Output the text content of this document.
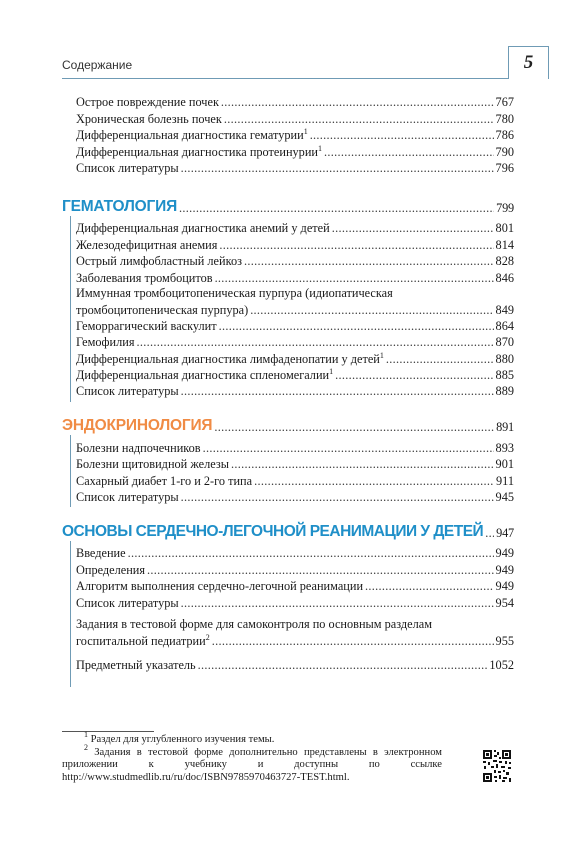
Содержание	5
Острое повреждение почек .....	767
Хроническая болезнь почек .....	780
Дифференциальная диагностика гематурии$^1$ .....	786
Дифференциальная диагностика протеинурии$^1$ .....	790
Список литературы .....	796
ГЕМАТОЛОГИЯ .....	799
Дифференциальная диагностика анемий у детей .....	801
Железодефицитная анемия .....	814
Острый лимфобластный лейкоз .....	828
Заболевания тромбоцитов .....	846
Иммунная тромбоцитопеническая пурпура (идиопатическая
тромбоцитопеническая пурпура) .....	849
Геморрагический васкулит .....	864
Гемофилия .....	870
Дифференциальная диагностика лимфаденопатии у детей$^1$ .....	880
Дифференциальная диагностика спленомегалии$^1$ .....	885
Список литературы .....	889
ЭНДОКРИНОЛОГИЯ .....	891
Болезни надпочечников .....	893
Болезни щитовидной железы .....	901
Сахарный диабет 1-го и 2-го типа .....	911
Список литературы .....	945
ОСНОВЫ СЕРДЕЧНО-ЛЕГОЧНОЙ РЕАНИМАЦИИ У ДЕТЕЙ ..... 947
Введение .....	949
Определения .....	949
Алгоритм выполнения сердечно-легочной реанимации .....	949
Список литературы .....	954
Задания в тестовой форме для самоконтроля по основным разделам
госпитальной педиатрии$^2$ .....	955
Предметный указатель .....	1052

$^1$ Раздел для углубленного изучения темы.

$^2$ Задания в тестовой форме дополнительно представлены в электронном приложении к учебнику и доступны по ссылке http://www.studmedlib.ru/ru/doc/ISBN9785970463727-TEST.html.
